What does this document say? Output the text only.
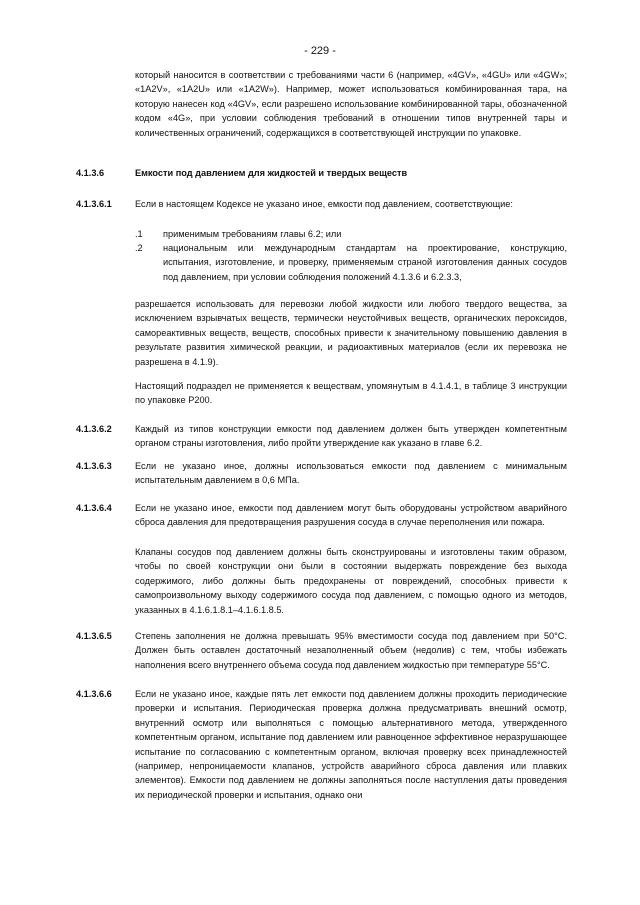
- 229 -

который наносится в соответствии с требованиями части 6 (например, «4GV», «4GU» или «4GW»; «1A2V», «1A2U» или «1A2W»). Например, может использоваться комбинированная тара, на которую нанесен код «4GV», если разрешено использование комбинированной тары, обозначенной кодом «4G», при условии соблюдения требований в отношении типов внутренней тары и количественных ограничений, содержащихся в соответствующей инструкции по упаковке.

4.1.3.6	Емкости под давлением для жидкостей и твердых веществ
4.1.3.6.1	Если в настоящем Кодексе не указано иное, емкости под давлением, соответствующие:

.1 применимым требованиям главы 6.2; или

.2 национальным или международным стандартам на проектирование, конструкцию, испытания, изготовление, и проверку, применяемым страной изготовления данных сосудов под давлением, при условии соблюдения положений 4.1.3.6 и 6.2.3.3,

разрешается использовать для перевозки любой жидкости или любого твердого вещества, за исключением взрывчатых веществ, термически неустойчивых веществ, органических пероксидов, самореактивных веществ, веществ, способных привести к значительному повышению давления в результате развития химической реакции, и радиоактивных материалов (если их перевозка не разрешена в 4.1.9).

Настоящий подраздел не применяется к веществам, упомянутым в 4.1.4.1, в таблице 3 инструкции по упаковке P200.

4.1.3.6.2	Каждый из типов конструкции емкости под давлением должен быть утвержден компетентным органом страны изготовления, либо пройти утверждение как указано в главе 6.2.

4.1.3.6.3	Если не указано иное, должны использоваться емкости под давлением с минимальным испытательным давлением в 0,6 МПа.

4.1.3.6.4	Если не указано иное, емкости под давлением могут быть оборудованы устройством аварийного сброса давления для предотвращения разрушения сосуда в случае переполнения или пожара.

Клапаны сосудов под давлением должны быть сконструированы и изготовлены таким образом, чтобы по своей конструкции они были в состоянии выдержать повреждение без выхода содержимого, либо должны быть предохранены от повреждений, способных привести к самопроизвольному выходу содержимого сосуда под давлением, с помощью одного из методов, указанных в 4.1.6.1.8.1–4.1.6.1.8.5.

4.1.3.6.5	Степень заполнения не должна превышать 95% вместимости сосуда под давлением при 50°C. Должен быть оставлен достаточный незаполненный объем (недолив) с тем, чтобы избежать наполнения всего внутреннего объема сосуда под давлением жидкостью при температуре 55°C.

4.1.3.6.6	Если не указано иное, каждые пять лет емкости под давлением должны проходить периодические проверки и испытания. Периодическая проверка должна предусматривать внешний осмотр, внутренний осмотр или выполняться с помощью альтернативного метода, утвержденного компетентным органом, испытание под давлением или равноценное эффективное неразрушающее испытание по согласованию с компетентным органом, включая проверку всех принадлежностей (например, непроницаемости клапанов, устройств аварийного сброса давления или плавких элементов). Емкости под давлением не должны заполняться после наступления даты проведения их периодической проверки и испытания, однако они
